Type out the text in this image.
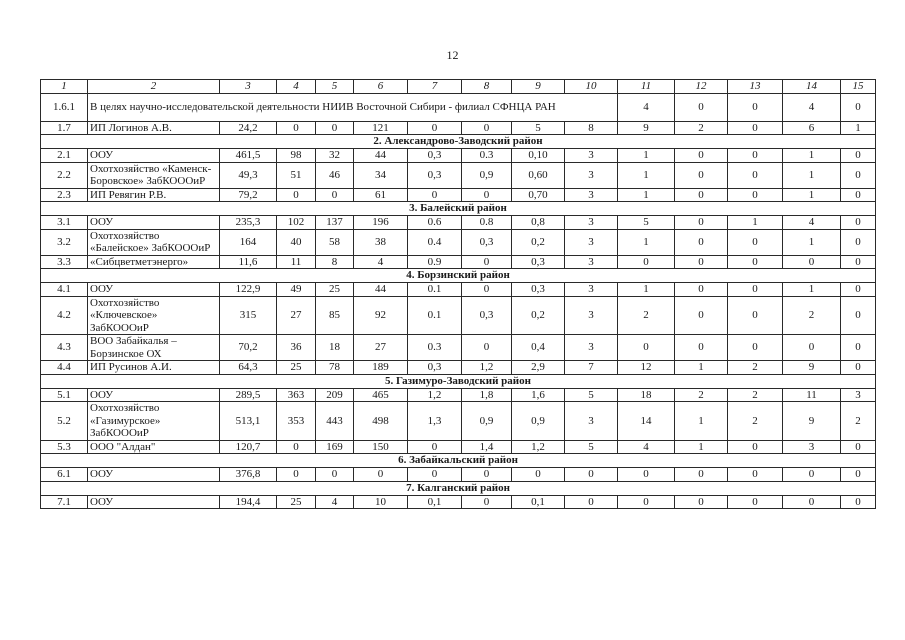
12
1	2	3	4	5	6	7	8	9	10	11	12	13	14	15
1.6.1	В целях научно-исследовательской деятельности НИИВ Восточной Сибири - филиал СФНЦА РАН									4	0	0	4	0
1.7	ИП Логинов А.В.	24,2	0	0	121	0	0	5	8	9	2	0	6	1
2. Александрово-Заводский район														
2.1	ООУ	461,5	98	32	44	0,3	0.3	0,10	3	1	0	0	1	0
2.2	Охотхозяйство «Каменск-Боровское» ЗабКОООиР	49,3	51	46	34	0,3	0,9	0,60	3	1	0	0	1	0
2.3	ИП Ревягин Р.В.	79,2	0	0	61	0	0	0,70	3	1	0	0	1	0
3. Балейский район														
3.1	ООУ	235,3	102	137	196	0.6	0.8	0,8	3	5	0	1	4	0
3.2	Охотхозяйство «Балейское» ЗабКОООиР	164	40	58	38	0.4	0,3	0,2	3	1	0	0	1	0
3.3	«Сибцветметэнерго»	11,6	11	8	4	0.9	0	0,3	3	0	0	0	0	0
4. Борзинский район														
4.1	ООУ	122,9	49	25	44	0.1	0	0,3	3	1	0	0	1	0
4.2	Охотхозяйство «Ключевское» ЗабКОООиР	315	27	85	92	0.1	0,3	0,2	3	2	0	0	2	0
4.3	ВОО Забайкалья – Борзинское ОХ	70,2	36	18	27	0.3	0	0,4	3	0	0	0	0	0
4.4	ИП Русинов А.И.	64,3	25	78	189	0,3	1,2	2,9	7	12	1	2	9	0
5. Газимуро-Заводский район														
5.1	ООУ	289,5	363	209	465	1,2	1,8	1,6	5	18	2	2	11	3
5.2	Охотхозяйство «Газимурское» ЗабКОООиР	513,1	353	443	498	1,3	0,9	0,9	3	14	1	2	9	2
5.3	ООО "Алдан"	120,7	0	169	150	0	1,4	1,2	5	4	1	0	3	0
6. Забайкальский район														
6.1	ООУ	376,8	0	0	0	0	0	0	0	0	0	0	0	0
7. Калганский район														
7.1	ООУ	194,4	25	4	10	0,1	0	0,1	0	0	0	0	0	0
